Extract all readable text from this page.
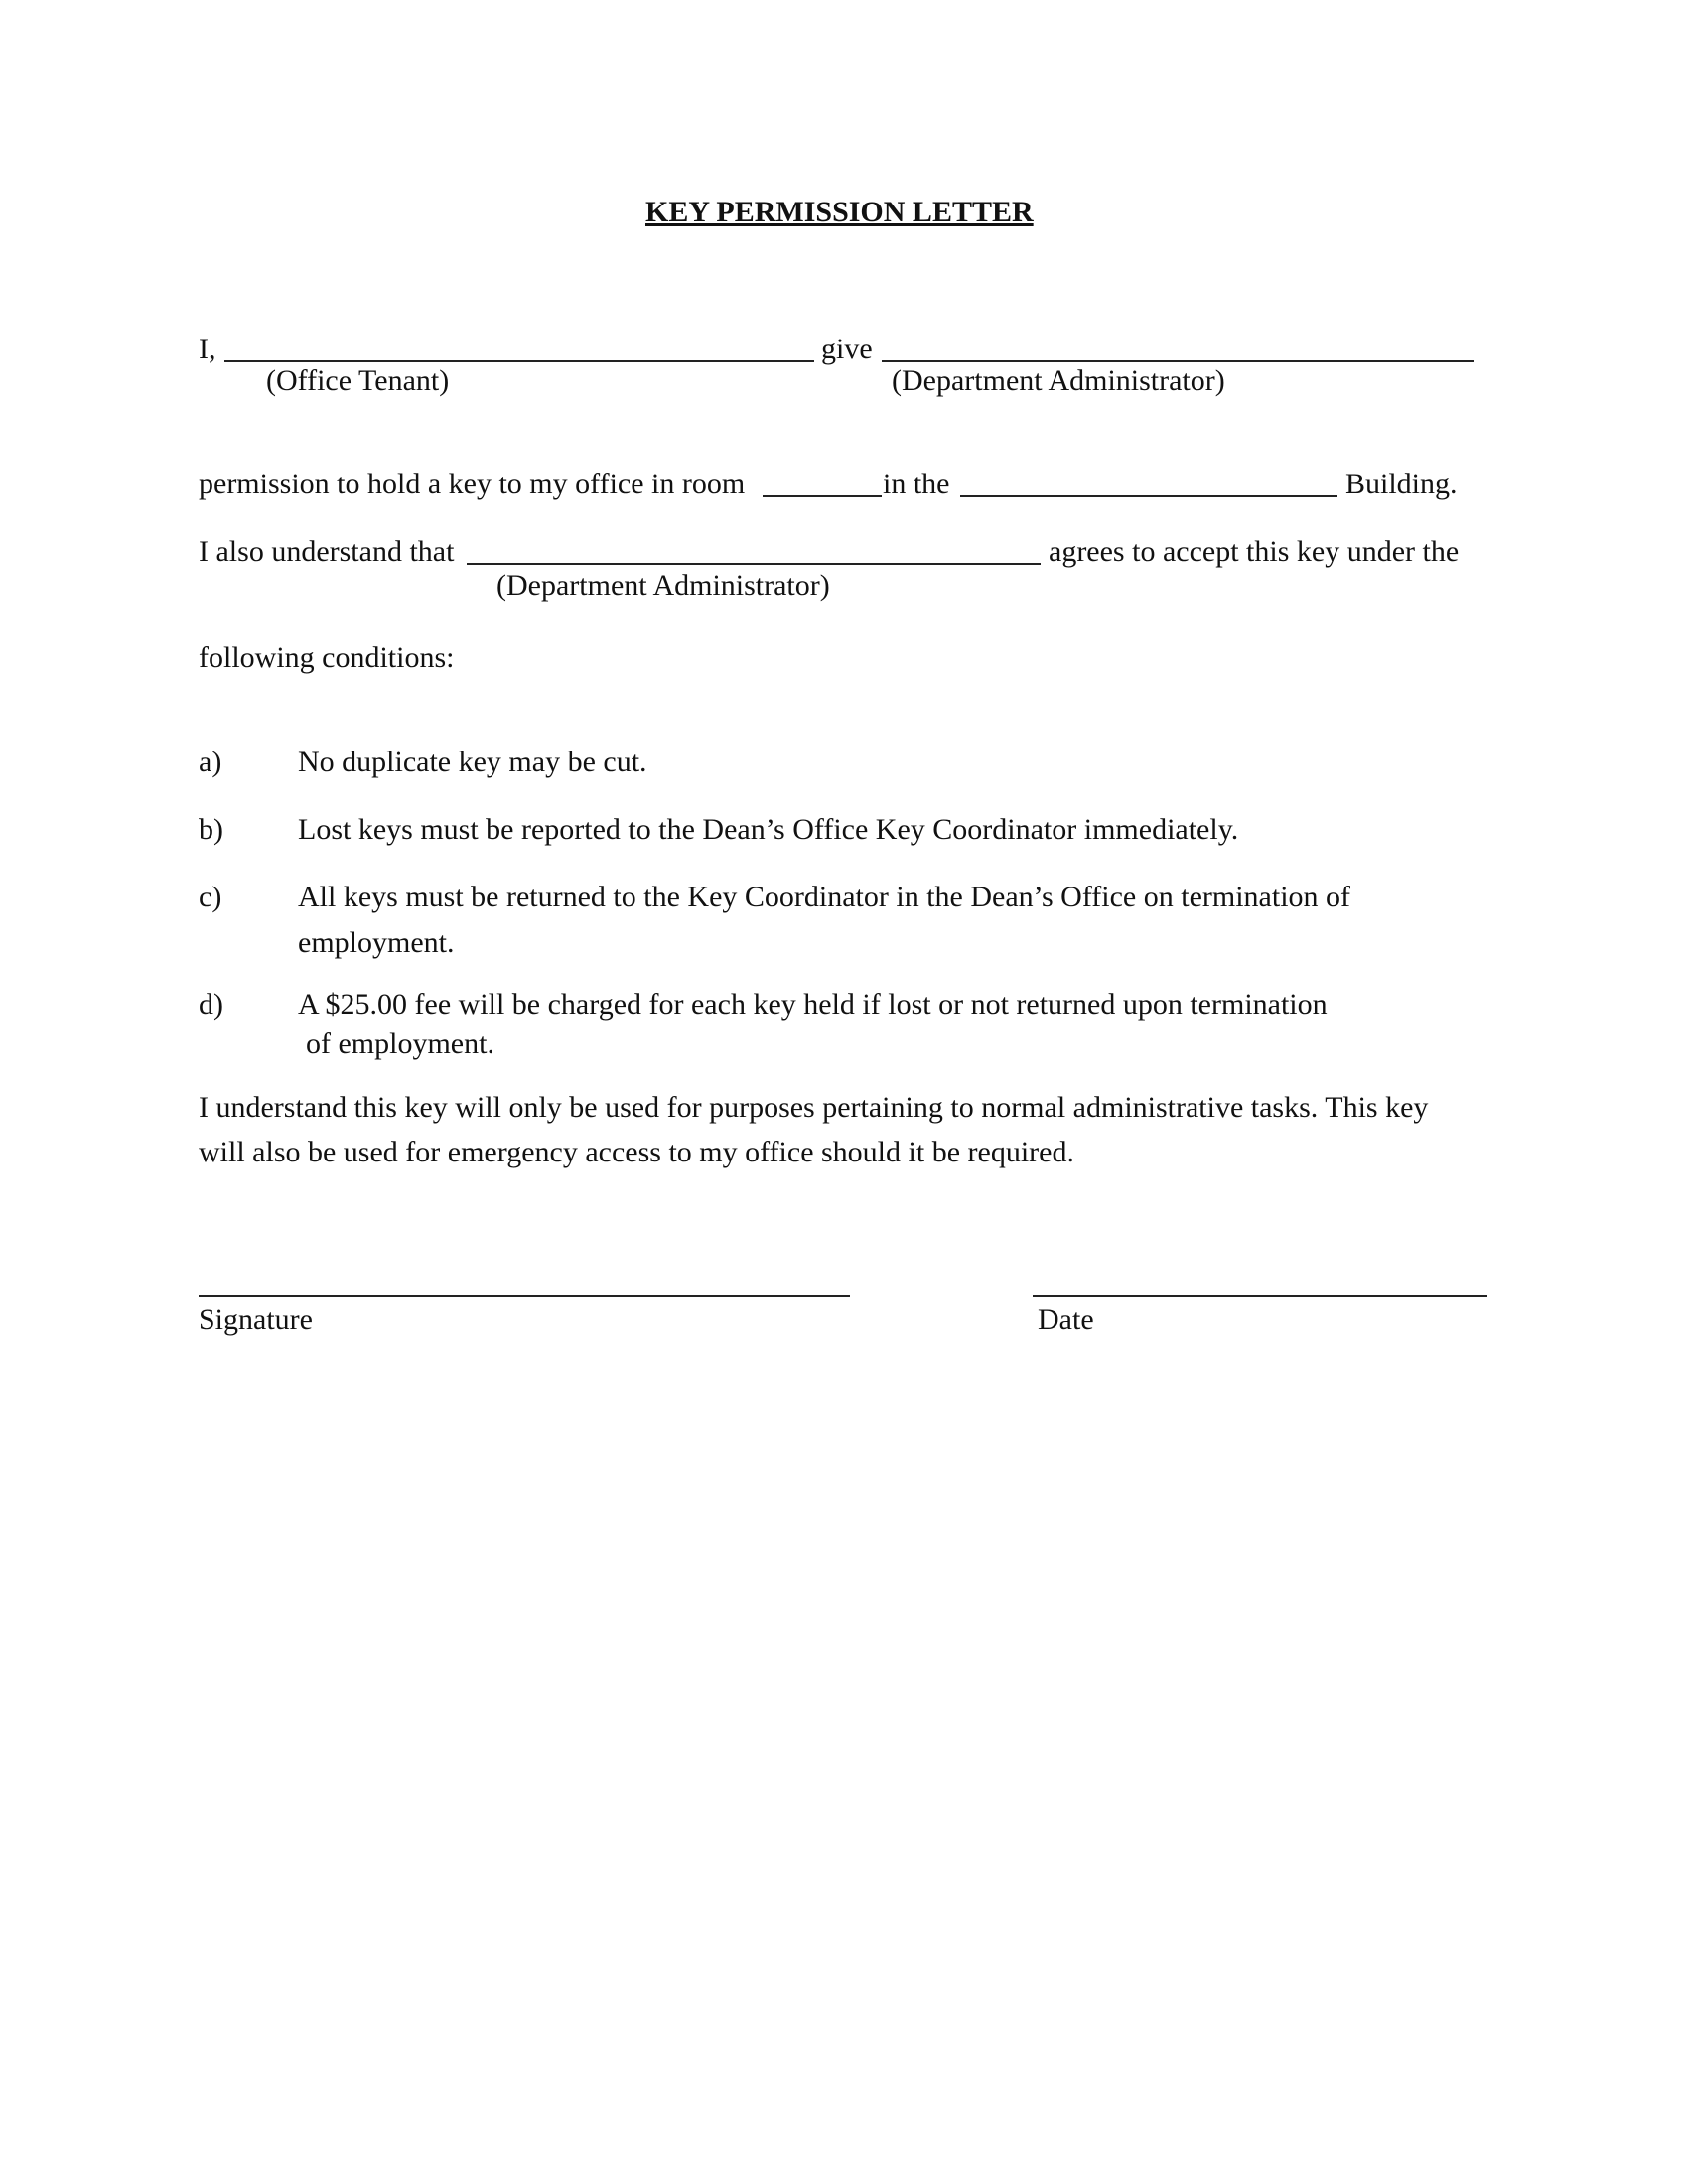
KEY PERMISSION LETTER
I,	give
(Office Tenant)	(Department Administrator)
permission to hold a key to my office in room	in the	Building.
I also understand that	agrees to accept this key under the
(Department Administrator)
following conditions:
a)	No duplicate key may be cut.
b)	Lost keys must be reported to the Dean’s Office Key Coordinator immediately.
c)	All keys must be returned to the Key Coordinator in the Dean’s Office on termination of
employment.
d)	A $25.00 fee will be charged for each key held if lost or not returned upon termination
of employment.
I understand this key will only be used for purposes pertaining to normal administrative tasks. This key
will also be used for emergency access to my office should it be required.
Signature	Date
